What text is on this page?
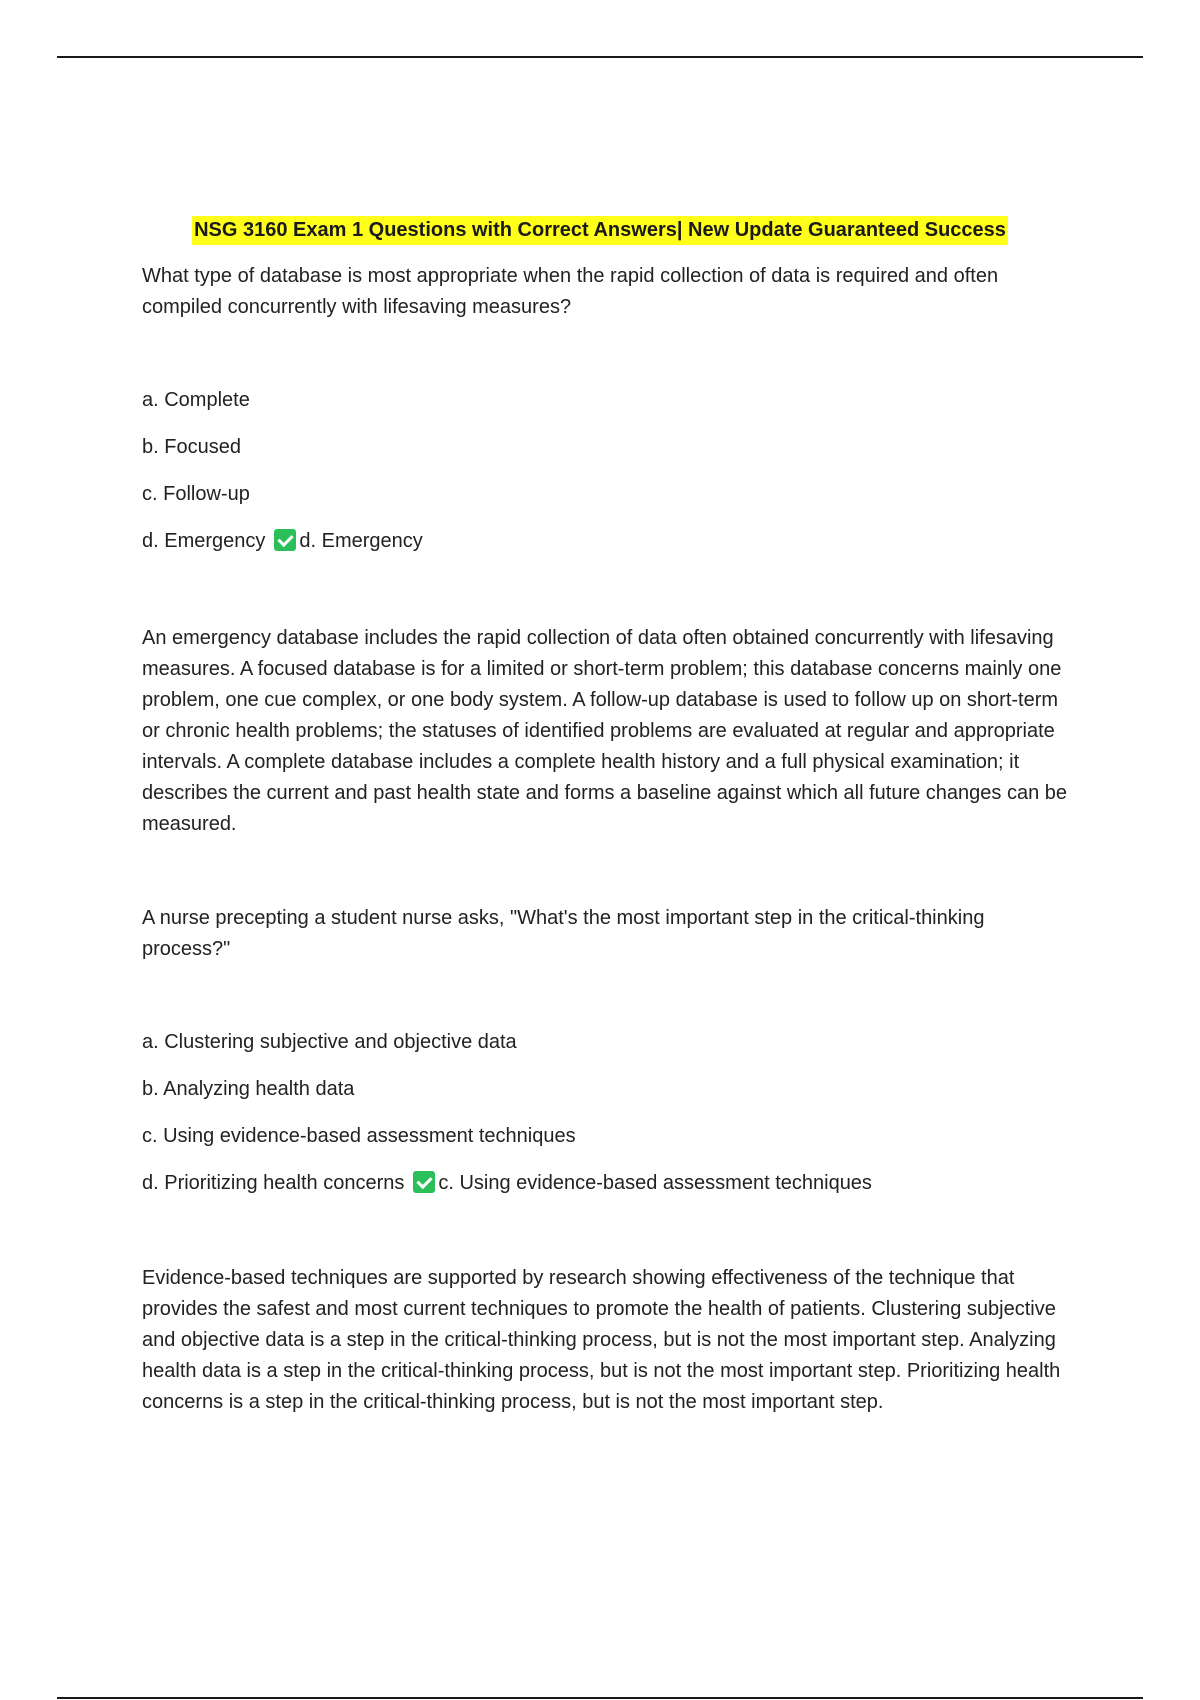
NSG 3160 Exam 1 Questions with Correct Answers| New Update Guaranteed Success

What type of database is most appropriate when the rapid collection of data is required and often compiled concurrently with lifesaving measures?

a. Complete
b. Focused
c. Follow-up
d. Emergency d. Emergency

An emergency database includes the rapid collection of data often obtained concurrently with lifesaving measures. A focused database is for a limited or short-term problem; this database concerns mainly one problem, one cue complex, or one body system. A follow-up database is used to follow up on short-term or chronic health problems; the statuses of identified problems are evaluated at regular and appropriate intervals. A complete database includes a complete health history and a full physical examination; it describes the current and past health state and forms a baseline against which all future changes can be measured.

A nurse precepting a student nurse asks, "What's the most important step in the critical-thinking process?"

a. Clustering subjective and objective data
b. Analyzing health data
c. Using evidence-based assessment techniques
d. Prioritizing health concerns c. Using evidence-based assessment techniques

Evidence-based techniques are supported by research showing effectiveness of the technique that provides the safest and most current techniques to promote the health of patients. Clustering subjective and objective data is a step in the critical-thinking process, but is not the most important step. Analyzing health data is a step in the critical-thinking process, but is not the most important step. Prioritizing health concerns is a step in the critical-thinking process, but is not the most important step.
